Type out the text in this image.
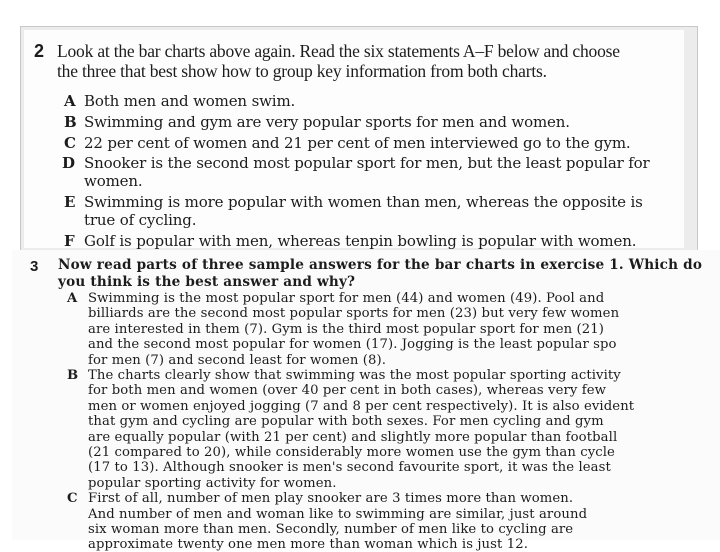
2 Look at the bar charts above again. Read the six statements A–F below and choose
the three that best show how to group key information from both charts.
A Both men and women swim.
B Swimming and gym are very popular sports for men and women.
C 22 per cent of women and 21 per cent of men interviewed go to the gym.
D Snooker is the second most popular sport for men, but the least popular for
women.
E Swimming is more popular with women than men, whereas the opposite is
true of cycling.
F Golf is popular with men, whereas tenpin bowling is popular with women.
3 Now read parts of three sample answers for the bar charts in exercise 1. Which do
you think is the best answer and why?
A Swimming is the most popular sport for men (44) and women (49). Pool and
billiards are the second most popular sports for men (23) but very few women
are interested in them (7). Gym is the third most popular sport for men (21)
and the second most popular for women (17). Jogging is the least popular spo
for men (7) and second least for women (8).
B The charts clearly show that swimming was the most popular sporting activity
for both men and women (over 40 per cent in both cases), whereas very few
men or women enjoyed jogging (7 and 8 per cent respectively). It is also evident
that gym and cycling are popular with both sexes. For men cycling and gym
are equally popular (with 21 per cent) and slightly more popular than football
(21 compared to 20), while considerably more women use the gym than cycle
(17 to 13). Although snooker is men's second favourite sport, it was the least
popular sporting activity for women.
C First of all, number of men play snooker are 3 times more than women.
And number of men and woman like to swimming are similar, just around
six woman more than men. Secondly, number of men like to cycling are
approximate twenty one men more than woman which is just 12.
